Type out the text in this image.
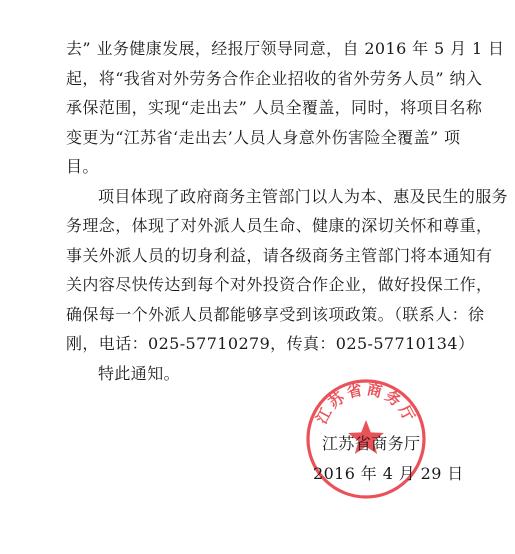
去” 业务健康发展，经报厅领导同意，自 2016 年 5 月 1 日
起，将“我省对外劳务合作企业招收的省外劳务人员” 纳入
承保范围，实现“走出去” 人员全覆盖，同时，将项目名称
变更为“江苏省‘走出去’人员人身意外伤害险全覆盖” 项
目。
项目体现了政府商务主管部门以人为本、惠及民生的服务
务理念，体现了对外派人员生命、健康的深切关怀和尊重，
事关外派人员的切身利益，请各级商务主管部门将本通知有
关内容尽快传达到每个对外投资合作企业，做好投保工作，
确保每一个外派人员都能够享受到该项政策。（联系人：徐
刚，电话：025-57710279，传真：025-57710134）
特此通知。
江苏省商务厅
江苏省商务厅
2016 年 4 月 29 日
